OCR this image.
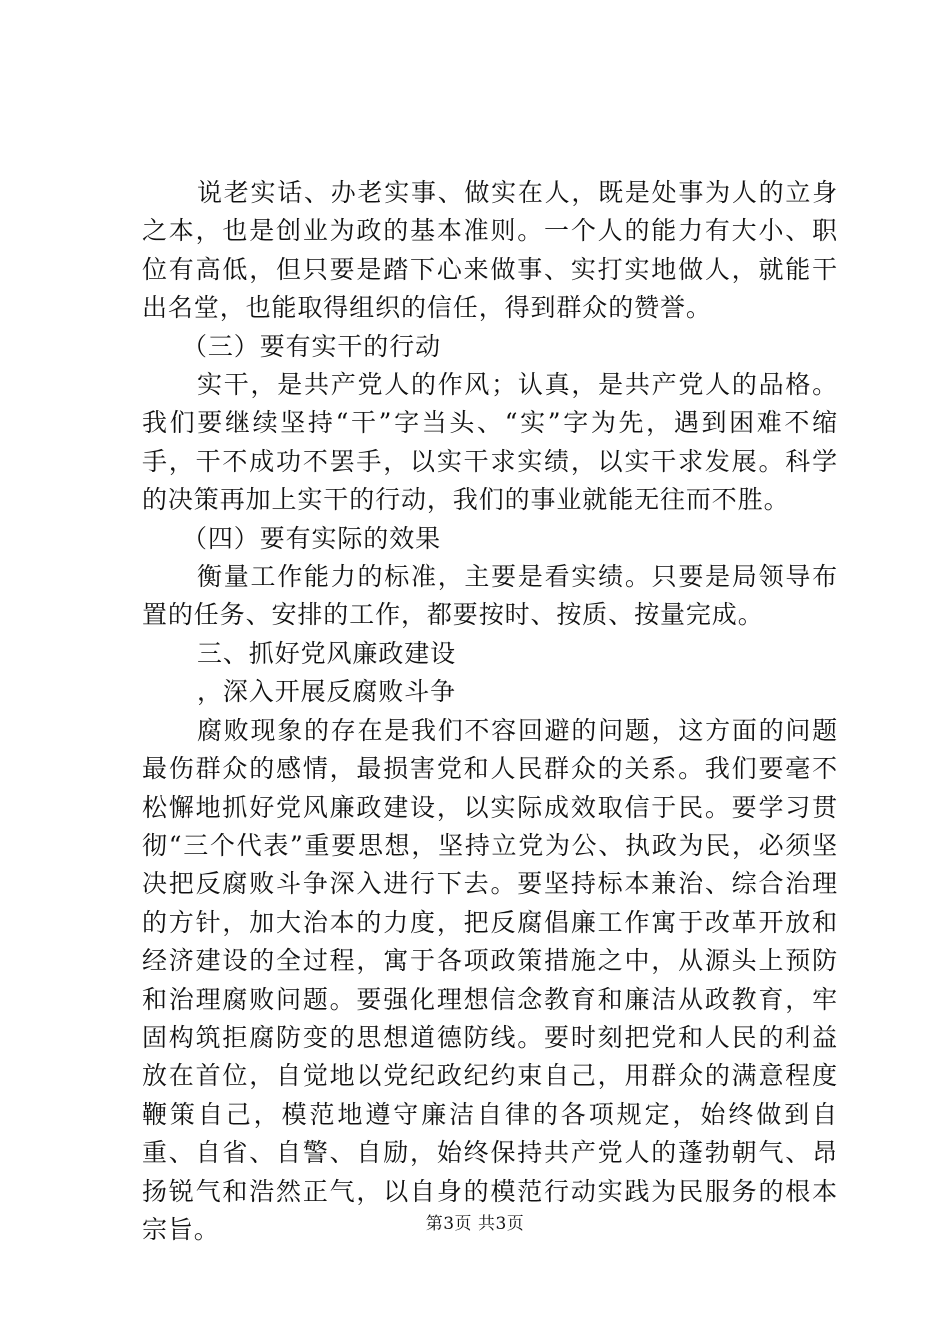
说老实话、办老实事、做实在人，既是处事为人的立身之本，也是创业为政的基本准则。一个人的能力有大小、职位有高低，但只要是踏下心来做事、实打实地做人，就能干出名堂，也能取得组织的信任，得到群众的赞誉。

（三）要有实干的行动

实干，是共产党人的作风；认真，是共产党人的品格。我们要继续坚持“干”字当头、“实”字为先，遇到困难不缩手，干不成功不罢手，以实干求实绩，以实干求发展。科学的决策再加上实干的行动，我们的事业就能无往而不胜。

（四）要有实际的效果

衡量工作能力的标准，主要是看实绩。只要是局领导布置的任务、安排的工作，都要按时、按质、按量完成。

三、抓好党风廉政建设

，深入开展反腐败斗争

腐败现象的存在是我们不容回避的问题，这方面的问题最伤群众的感情，最损害党和人民群众的关系。我们要毫不松懈地抓好党风廉政建设，以实际成效取信于民。要学习贯彻“三个代表”重要思想，坚持立党为公、执政为民，必须坚决把反腐败斗争深入进行下去。要坚持标本兼治、综合治理的方针，加大治本的力度，把反腐倡廉工作寓于改革开放和经济建设的全过程，寓于各项政策措施之中，从源头上预防和治理腐败问题。要强化理想信念教育和廉洁从政教育，牢固构筑拒腐防变的思想道德防线。要时刻把党和人民的利益放在首位，自觉地以党纪政纪约束自己，用群众的满意程度鞭策自己，模范地遵守廉洁自律的各项规定，始终做到自重、自省、自警、自励，始终保持共产党人的蓬勃朝气、昂扬锐气和浩然正气，以自身的模范行动实践为民服务的根本宗旨。	第3页 共3页
